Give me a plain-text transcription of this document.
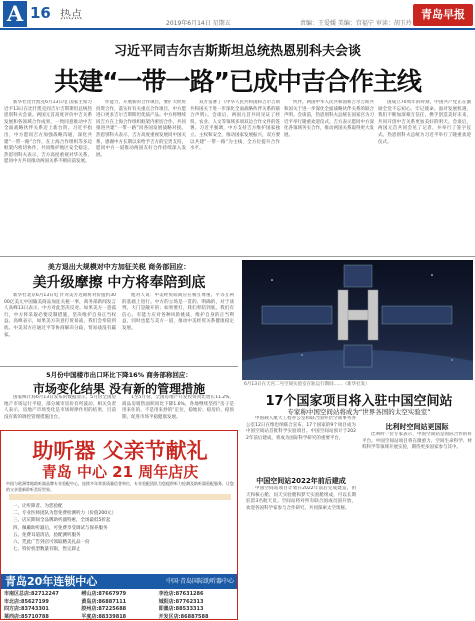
A 16 热点
2019年6月14日 星期五	责编：王爱媛 美编：宫福宁 审读：胡玉玲
青岛早报
习近平同吉尔吉斯斯坦总统热恩别科夫会谈
共建“一带一路”已成中吉合作主线

新华社比什凯克6月13日电 国家主席习近平13日在比什凯克同吉尔吉斯斯坦总统热恩别科夫会谈。两国元首高度评价中吉关系发展和各领域合作成果，一致同意推动中吉全面战略伙伴关系迈上新台阶。习近平指出，中方愿同吉方加强战略沟通，深化共建“一带一路”合作，在上海合作组织等多边框架内密切协作，共同维护地区安全稳定。热恩别科夫表示，吉方高度重视对华关系，愿同中方共同推动两国关系不断向前发展。

作能力，开展新的合作项目，要扩大经贸投资合作，落实好有关重点合作项目，中方愿进口更多吉尔吉斯斯坦优质产品。中方将继续同吉方在上海合作组织框架内密切合作，共同推进共建“一带一路”同各国发展战略对接。热恩别科夫表示，吉方高度重视发展同中国关系，感谢中方长期以来给予吉方的宝贵支持，愿同中方一道推动两国友好合作持续深入发展。

双方签署了《中华人民共和国和吉尔吉斯共和国关于进一步深化全面战略伙伴关系的联合声明》。会谈后，两国元首共同见证了经贸、农业、人文等领域多项双边合作文件的签署。习近平强调，中方支持吉方维护国家独立、主权和安全，推动国家发展振兴，双方要以共建“一带一路”为主线，全方位提升合作水平。

伙伴。两国中华人民共和国和吉尔吉斯共和国关于进一步深化全面战略伙伴关系的联合声明。会谈前，热恩别科夫总统在国家宫为习近平举行隆重欢迎仪式。吉方表示愿同中方深化各领域务实合作，推动两国关系取得更大发展。

国成立70周年的时刻，中国共产党正在激励全党不忘初心、牢记使命。面对发展机遇，我们不断加深相互信任，携手创造美好未来，共同开创中吉关系更加美好的明天。会谈后，两国元首共同会见了记者，并举行了签字仪式。热恩别科夫总统为习近平举行了隆重欢迎仪式。

美方退出大规模对中方加征关税 商务部回应：
美升级摩擦 中方将奉陪到底

新华社北京6月13日电 针对美方近期将对价值约3000亿美元中国输美商品加征关税一事，商务部新闻发言人高峰13日表示，中方对此坚决反对。如果美方一意孤行，中方将采取必要反制措施，坚决维护自身正当权益。高峰表示，如果美方决意打贸易战，我们会奉陪到底。中美双方应通过平等协商解决分歧，贸易战没有赢家。

他对人说：中美经贸磋商应在相互尊重、平等互利的基础上进行。中方的立场是一贯的、明确的，对于谈判，大门是敞开的；如果要打，我们奉陪到底。我们有信心、有能力应对各种风险挑战，维护自身的正当利益，同时也愿与美方一道，推动中美经贸关系健康稳定发展。

5月份中国楼市出口环比下降16% 商务部称回应：
市场变化结果 没有新的管理措施

国家统计局6月13日发布的数据显示，5月份全国房地产市场运行平稳，部分城市房价有所波动。相关负责人表示，房地产市场变化是市场规律作用的结果，目前没有新的调控管理措施出台。

1至5月份，全国房地产开发投资同比增长11.2%，商品房销售面积同比下降1.6%，各地继续坚持“房子是用来住的、不是用来炒的”定位，稳地价、稳房价、稳预期，促进市场平稳健康发展。

助听器 父亲节献礼
青岛 中心 21 周年店庆
中国与欧洲等地助听器品牌专业验配中心，连续多年荣获质量信誉单位，专业验配团队为您提供听力检测及助听器验配服务，让您的父亲重新聆听美好世界。
一、让听障者、为您验配
二、专业医师团队为您免费检测听力（价值200元）
三、店庆期间全品牌助听器特惠，全场最低5折起
四、佩戴助听器后，可免费享受调试与保养服务
五、免费耳道清洁，验配测听服务
六、凭此广告到店可领取精美礼品一份
七、特价机型数量有限，售完即止
青岛20年连锁中心	中国·青岛国际助听器中心
市南区总店:82712247	崂山店:87667979	李沧店:87631286
市北店:85627199	黄岛店:86887111	城阳店:87762313
四方店:83743301	胶州店:87225688	即墨店:88533313
莱西店:85710788	平度店:88339818	开发区店:86887588
6月13日在天宫二号空间实验室在轨运行期间……（新华社发）
17个国家项目将入驻中国空间站
专家称中国空间站将成为“世界各国的太空实验室”

中国载人航天工程办公室和联合国外层空间事务办公室12日在维也纳联合宣布，17个国家的9个项目成为中国空间站首批科学实验项目。中国空间站预计于2022年前后建成，将成为国际科学研究的重要平台。

中国空间站2022年前后建成

中国空间站项目计划在2022年前后完成建造，由天和核心舱、问天实验舱和梦天实验舱组成，可以长期驻留3名航天员。空间站将对所有联合国成员国开放，欢迎各国科学家参与合作研究，共同探索太空奥秘。

比利时空间站更国际

比利时一位专家表示，中国空间站是国际合作的好平台。中国空间站项目将在微重力、空间生命科学、材料科学等领域开展实验，期待更多国家参与其中。
